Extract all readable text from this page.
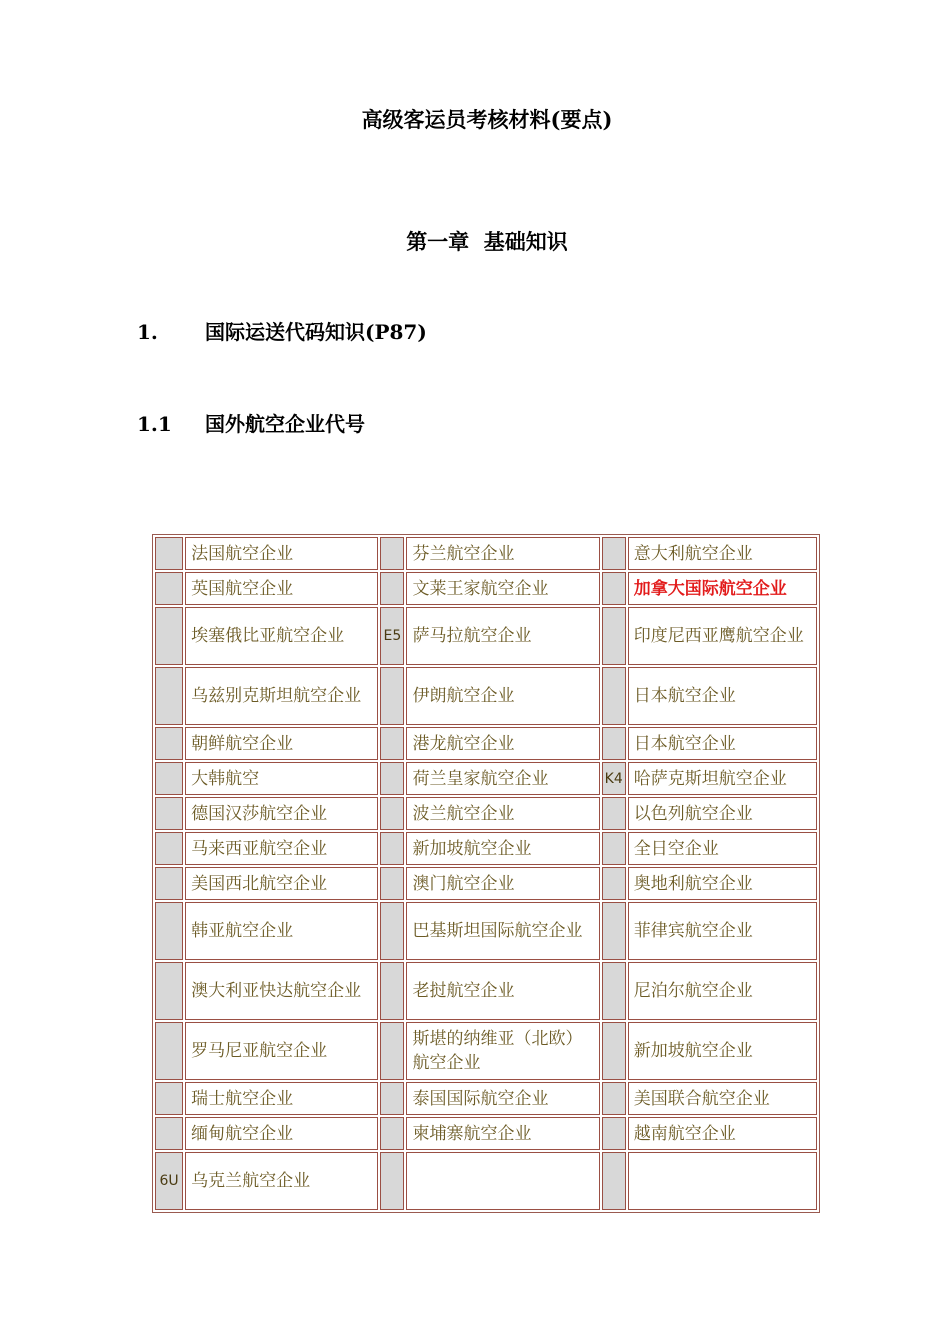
高级客运员考核材料(要点)
第一章  基础知识
1. 国际运送代码知识(P87)
1.1 国外航空企业代号
	法国航空企业		芬兰航空企业		意大利航空企业
	英国航空企业		文莱王家航空企业		加拿大国际航空企业
	埃塞俄比亚航空企业	E5	萨马拉航空企业		印度尼西亚鹰航空企业
	乌兹别克斯坦航空企业		伊朗航空企业		日本航空企业
	朝鲜航空企业		港龙航空企业		日本航空企业
	大韩航空		荷兰皇家航空企业	K4	哈萨克斯坦航空企业
	德国汉莎航空企业		波兰航空企业		以色列航空企业
	马来西亚航空企业		新加坡航空企业		全日空企业
	美国西北航空企业		澳门航空企业		奥地利航空企业
	韩亚航空企业		巴基斯坦国际航空企业		菲律宾航空企业
	澳大利亚快达航空企业		老挝航空企业		尼泊尔航空企业
	罗马尼亚航空企业		斯堪的纳维亚（北欧）航空企业		新加坡航空企业
	瑞士航空企业		泰国国际航空企业		美国联合航空企业
	缅甸航空企业		柬埔寨航空企业		越南航空企业
6U	乌克兰航空企业				
